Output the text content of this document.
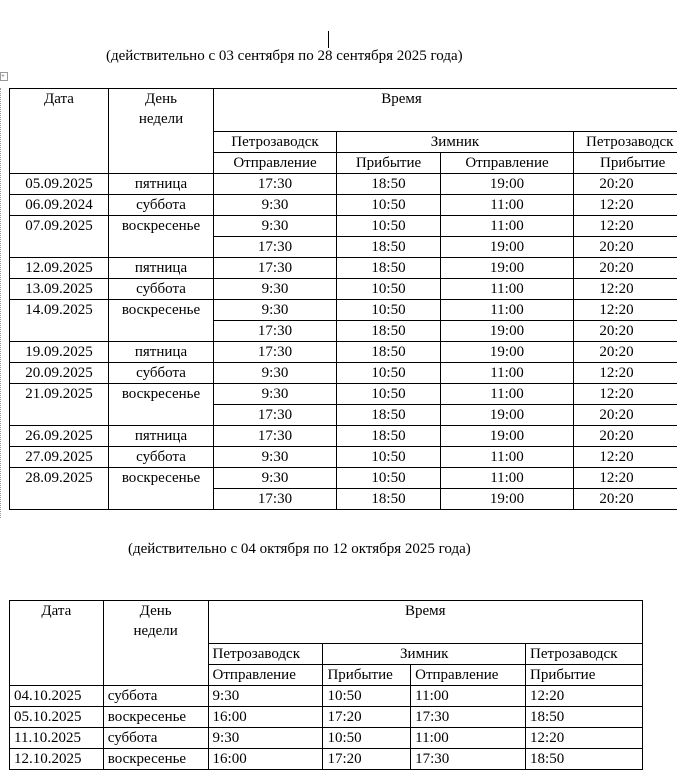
+
(действительно с 03 сентября по 28 сентября 2025 года)
Дата	День недели	Время			
		Петрозаводск	Зимник		Петрозаводск
		Отправление	Прибытие	Отправление	Прибытие
05.09.2025	пятница	17:30	18:50	19:00	20:20
06.09.2024	суббота	9:30	10:50	11:00	12:20
07.09.2025	воскресенье	9:30	10:50	11:00	12:20
		17:30	18:50	19:00	20:20
12.09.2025	пятница	17:30	18:50	19:00	20:20
13.09.2025	суббота	9:30	10:50	11:00	12:20
14.09.2025	воскресенье	9:30	10:50	11:00	12:20
		17:30	18:50	19:00	20:20
19.09.2025	пятница	17:30	18:50	19:00	20:20
20.09.2025	суббота	9:30	10:50	11:00	12:20
21.09.2025	воскресенье	9:30	10:50	11:00	12:20
		17:30	18:50	19:00	20:20
26.09.2025	пятница	17:30	18:50	19:00	20:20
27.09.2025	суббота	9:30	10:50	11:00	12:20
28.09.2025	воскресенье	9:30	10:50	11:00	12:20
		17:30	18:50	19:00	20:20
(действительно с 04 октября по 12 октября 2025 года)
Дата	День недели	Время			
		Петрозаводск	Зимник		Петрозаводск
		Отправление	Прибытие	Отправление	Прибытие
04.10.2025	суббота	9:30	10:50	11:00	12:20
05.10.2025	воскресенье	16:00	17:20	17:30	18:50
11.10.2025	суббота	9:30	10:50	11:00	12:20
12.10.2025	воскресенье	16:00	17:20	17:30	18:50
